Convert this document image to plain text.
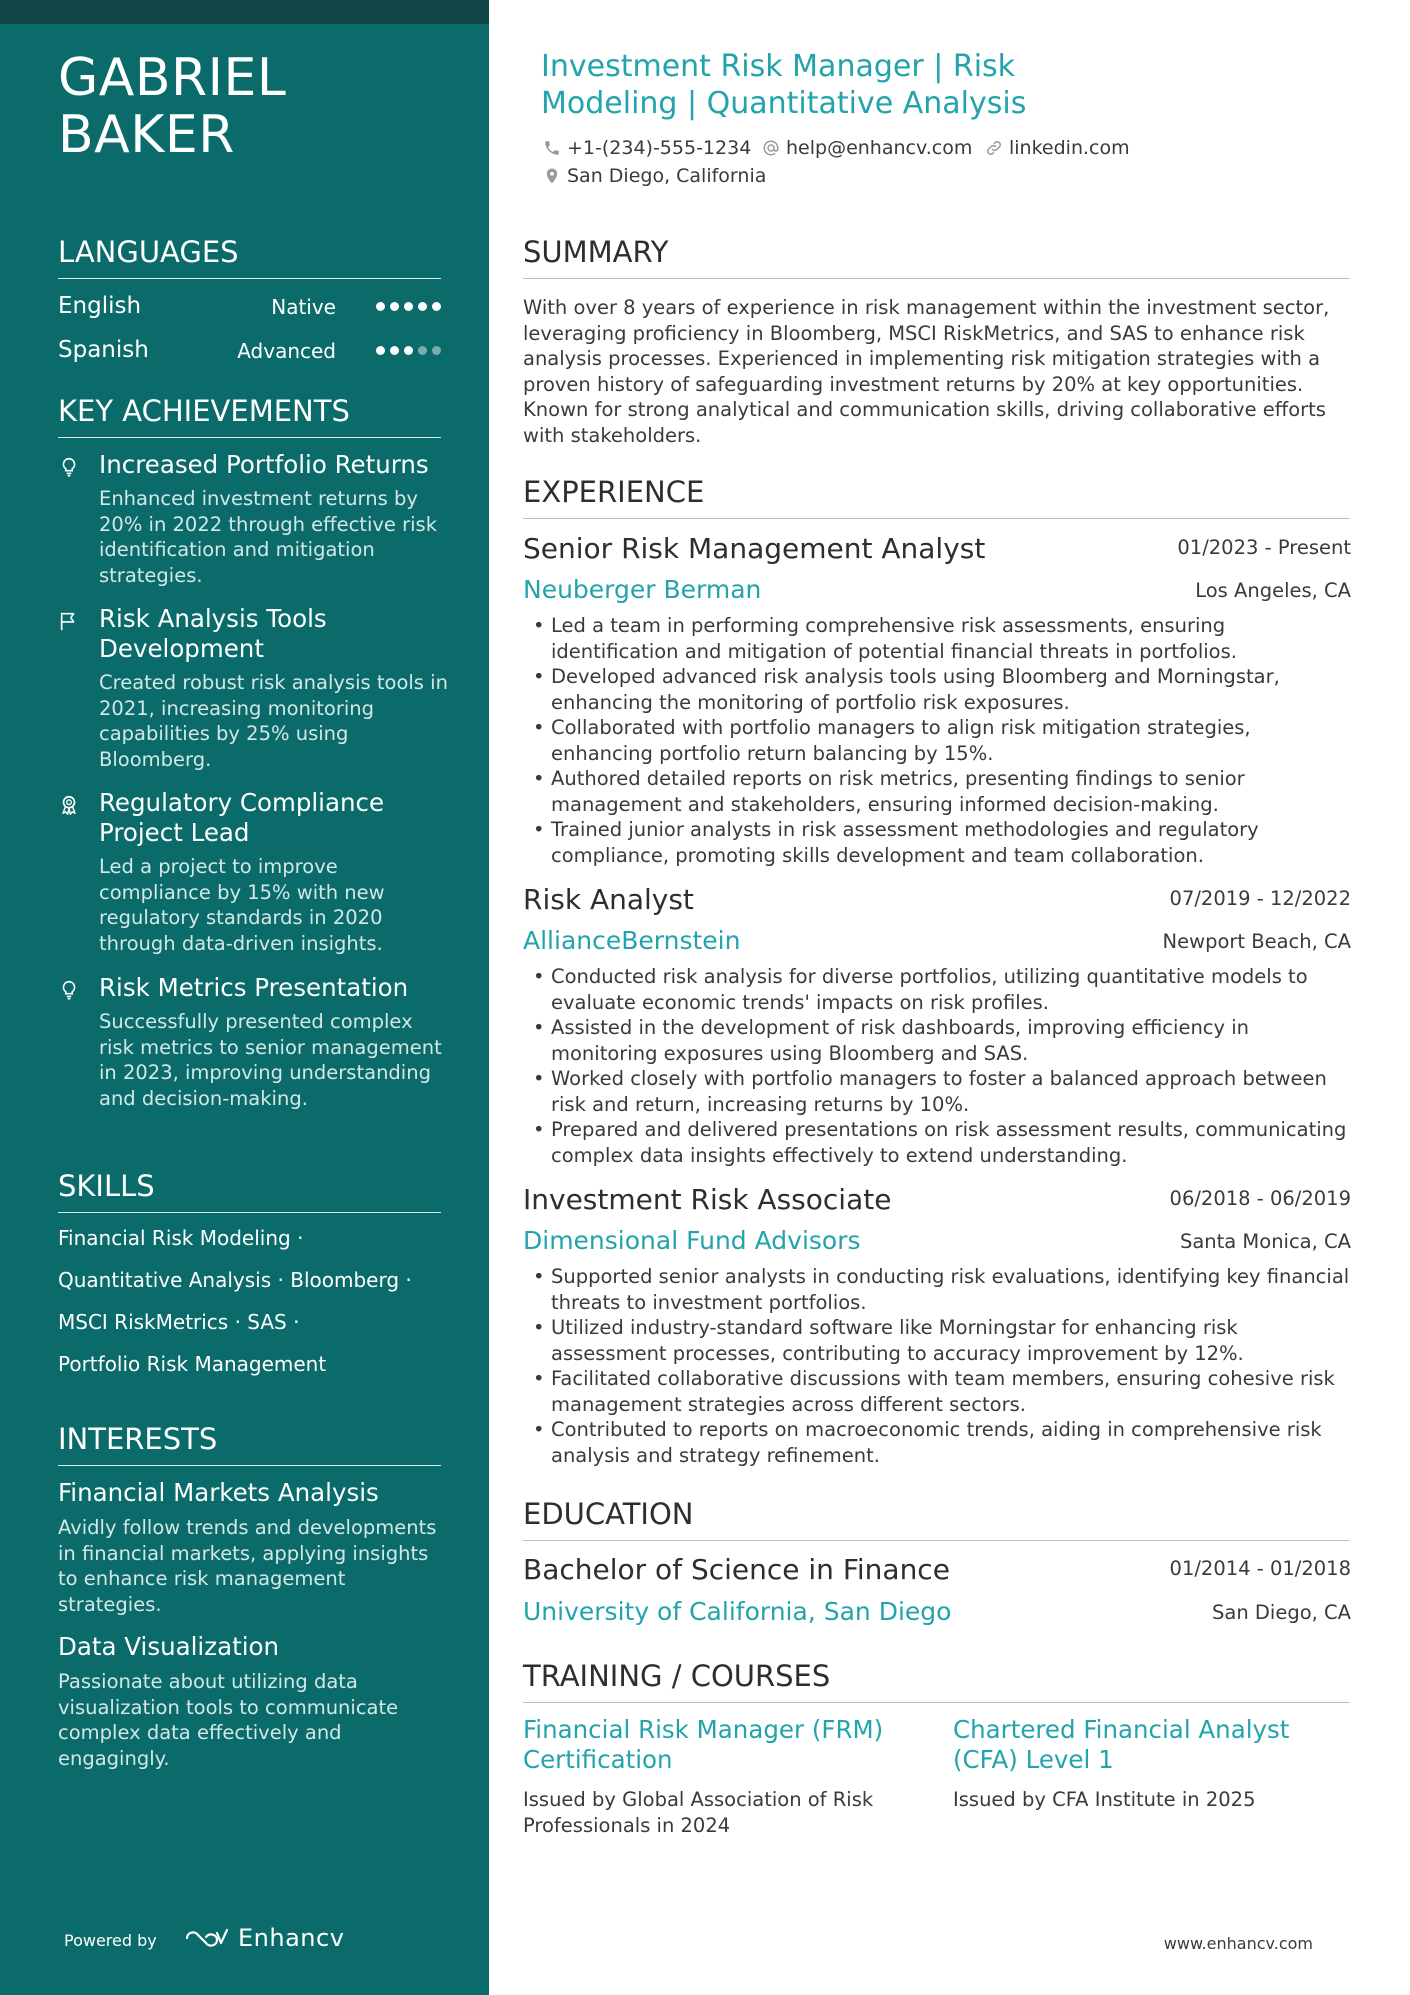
GABRIEL
BAKER
LANGUAGES
English	Native
Spanish	Advanced
KEY ACHIEVEMENTS
Increased Portfolio Returns
Enhanced investment returns by 20% in 2022 through effective risk identification and mitigation strategies.
Risk Analysis Tools Development
Created robust risk analysis tools in 2021, increasing monitoring capabilities by 25% using Bloomberg.
Regulatory Compliance Project Lead
Led a project to improve compliance by 15% with new regulatory standards in 2020 through data-driven insights.
Risk Metrics Presentation
Successfully presented complex risk metrics to senior management in 2023, improving understanding and decision-making.
SKILLS
Financial Risk Modeling ·
Quantitative Analysis · Bloomberg ·
MSCI RiskMetrics · SAS ·
Portfolio Risk Management
INTERESTS
Financial Markets Analysis
Avidly follow trends and developments in financial markets, applying insights to enhance risk management strategies.
Data Visualization
Passionate about utilizing data visualization tools to communicate complex data effectively and engagingly.
Powered by	Enhancv
Investment Risk Manager | Risk Modeling | Quantitative Analysis
+1-(234)-555-1234 help@enhancv.com linkedin.com
San Diego, California
SUMMARY
With over 8 years of experience in risk management within the investment sector, leveraging proficiency in Bloomberg, MSCI RiskMetrics, and SAS to enhance risk analysis processes. Experienced in implementing risk mitigation strategies with a proven history of safeguarding investment returns by 20% at key opportunities. Known for strong analytical and communication skills, driving collaborative efforts with stakeholders.
EXPERIENCE
Senior Risk Management Analyst	01/2023 - Present
Neuberger Berman	Los Angeles, CA
• Led a team in performing comprehensive risk assessments, ensuring identification and mitigation of potential financial threats in portfolios.
• Developed advanced risk analysis tools using Bloomberg and Morningstar, enhancing the monitoring of portfolio risk exposures.
• Collaborated with portfolio managers to align risk mitigation strategies, enhancing portfolio return balancing by 15%.
• Authored detailed reports on risk metrics, presenting findings to senior management and stakeholders, ensuring informed decision-making.
• Trained junior analysts in risk assessment methodologies and regulatory compliance, promoting skills development and team collaboration.
Risk Analyst	07/2019 - 12/2022
AllianceBernstein	Newport Beach, CA
• Conducted risk analysis for diverse portfolios, utilizing quantitative models to evaluate economic trends' impacts on risk profiles.
• Assisted in the development of risk dashboards, improving efficiency in monitoring exposures using Bloomberg and SAS.
• Worked closely with portfolio managers to foster a balanced approach between risk and return, increasing returns by 10%.
• Prepared and delivered presentations on risk assessment results, communicating complex data insights effectively to extend understanding.
Investment Risk Associate	06/2018 - 06/2019
Dimensional Fund Advisors	Santa Monica, CA
• Supported senior analysts in conducting risk evaluations, identifying key financial threats to investment portfolios.
• Utilized industry-standard software like Morningstar for enhancing risk assessment processes, contributing to accuracy improvement by 12%.
• Facilitated collaborative discussions with team members, ensuring cohesive risk management strategies across different sectors.
• Contributed to reports on macroeconomic trends, aiding in comprehensive risk analysis and strategy refinement.
EDUCATION
Bachelor of Science in Finance	01/2014 - 01/2018
University of California, San Diego	San Diego, CA
TRAINING / COURSES
Financial Risk Manager (FRM) Certification
Issued by Global Association of Risk Professionals in 2024
Chartered Financial Analyst (CFA) Level 1
Issued by CFA Institute in 2025
www.enhancv.com
